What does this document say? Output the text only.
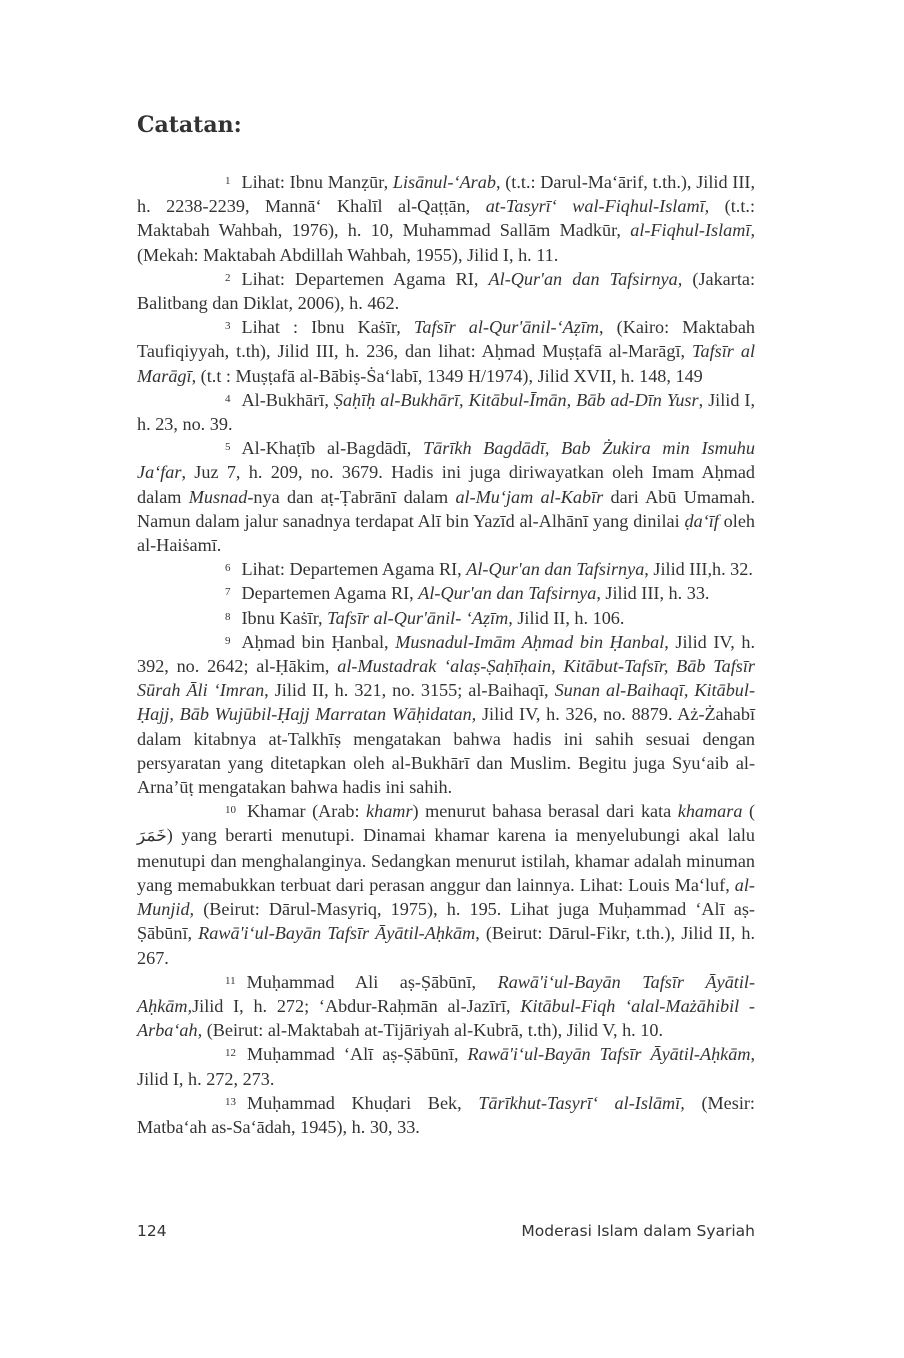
Catatan:

1 Lihat: Ibnu Manẓūr, Lisānul-‘Arab, (t.t.: Darul-Ma‘ārif, t.th.), Jilid III, h. 2238-2239, Mannā‘ Khalīl al-Qaṭṭān, at-Tasyrī‘ wal-Fiqhul-Islamī, (t.t.: Maktabah Wahbah, 1976), h. 10, Muhammad Sallām Madkūr, al-Fiqhul-Islamī, (Mekah: Maktabah Abdillah Wahbah, 1955), Jilid I, h. 11.

2 Lihat: Departemen Agama RI, Al-Qur'an dan Tafsirnya, (Jakarta: Balitbang dan Diklat, 2006), h. 462.

3 Lihat : Ibnu Kaṡīr, Tafsīr al-Qur'ānil-‘Aẓīm, (Kairo: Maktabah Taufiqiyyah, t.th), Jilid III, h. 236, dan lihat: Aḥmad Muṣṭafā al-Marāgī, Tafsīr al Marāgī, (t.t : Muṣṭafā al-Bābiṣ-Ṡa‘labī, 1349 H/1974), Jilid XVII, h. 148, 149

4 Al-Bukhārī, Ṣaḥīḥ al-Bukhārī, Kitābul-Īmān, Bāb ad-Dīn Yusr, Jilid I, h. 23, no. 39.

5 Al-Khaṭīb al-Bagdādī, Tārīkh Bagdādī, Bab Żukira min Ismuhu Ja‘far, Juz 7, h. 209, no. 3679. Hadis ini juga diriwayatkan oleh Imam Aḥmad dalam Musnad-nya dan aṭ-Ṭabrānī dalam al-Mu‘jam al-Kabīr dari Abū Umamah. Namun dalam jalur sanadnya terdapat Alī bin Yazīd al-Alhānī yang dinilai ḍa‘īf oleh al-Haiṡamī.

6 Lihat: Departemen Agama RI, Al-Qur'an dan Tafsirnya, Jilid III,h. 32.

7 Departemen Agama RI, Al-Qur'an dan Tafsirnya, Jilid III, h. 33.

8 Ibnu Kaṡīr, Tafsīr al-Qur'ānil- ‘Aẓīm, Jilid II, h. 106.

9 Aḥmad bin Ḥanbal, Musnadul-Imām Aḥmad bin Ḥanbal, Jilid IV, h. 392, no. 2642; al-Ḥākim, al-Mustadrak ‘alaṣ-Ṣaḥīḥain, Kitābut-Tafsīr, Bāb Tafsīr Sūrah Āli ‘Imran, Jilid II, h. 321, no. 3155; al-Baihaqī, Sunan al-Baihaqī, Kitābul-Ḥajj, Bāb Wujūbil-Ḥajj Marratan Wāḥidatan, Jilid IV, h. 326, no. 8879. Aż-Żahabī dalam kitabnya at-Talkhīṣ mengatakan bahwa hadis ini sahih sesuai dengan persyaratan yang ditetapkan oleh al-Bukhārī dan Muslim. Begitu juga Syu‘aib al-Arna’ūṭ mengatakan bahwa hadis ini sahih.

10 Khamar (Arab: khamr) menurut bahasa berasal dari kata khamara ( خَمَرَ) yang berarti menutupi. Dinamai khamar karena ia menyelubungi akal lalu menutupi dan menghalanginya. Sedangkan menurut istilah, khamar adalah minuman yang memabukkan terbuat dari perasan anggur dan lainnya. Lihat: Louis Ma‘luf, al-Munjid, (Beirut: Dārul-Masyriq, 1975), h. 195. Lihat juga Muḥammad ‘Alī aṣ-Ṣābūnī, Rawā'i‘ul-Bayān Tafsīr Āyātil-Aḥkām, (Beirut: Dārul-Fikr, t.th.), Jilid II, h. 267.

11 Muḥammad Ali aṣ-Ṣābūnī, Rawā'i‘ul-Bayān Tafsīr Āyātil-Aḥkām,Jilid I, h. 272; ‘Abdur-Raḥmān al-Jazīrī, Kitābul-Fiqh ‘alal-Mażāhibil -Arba‘ah, (Beirut: al-Maktabah at-Tijāriyah al-Kubrā, t.th), Jilid V, h. 10.

12 Muḥammad ‘Alī aṣ-Ṣābūnī, Rawā'i‘ul-Bayān Tafsīr Āyātil-Aḥkām, Jilid I, h. 272, 273.

13 Muḥammad Khuḍari Bek, Tārīkhut-Tasyrī‘ al-Islāmī, (Mesir: Matba‘ah as-Sa‘ādah, 1945), h. 30, 33.

124	Moderasi Islam dalam Syariah
